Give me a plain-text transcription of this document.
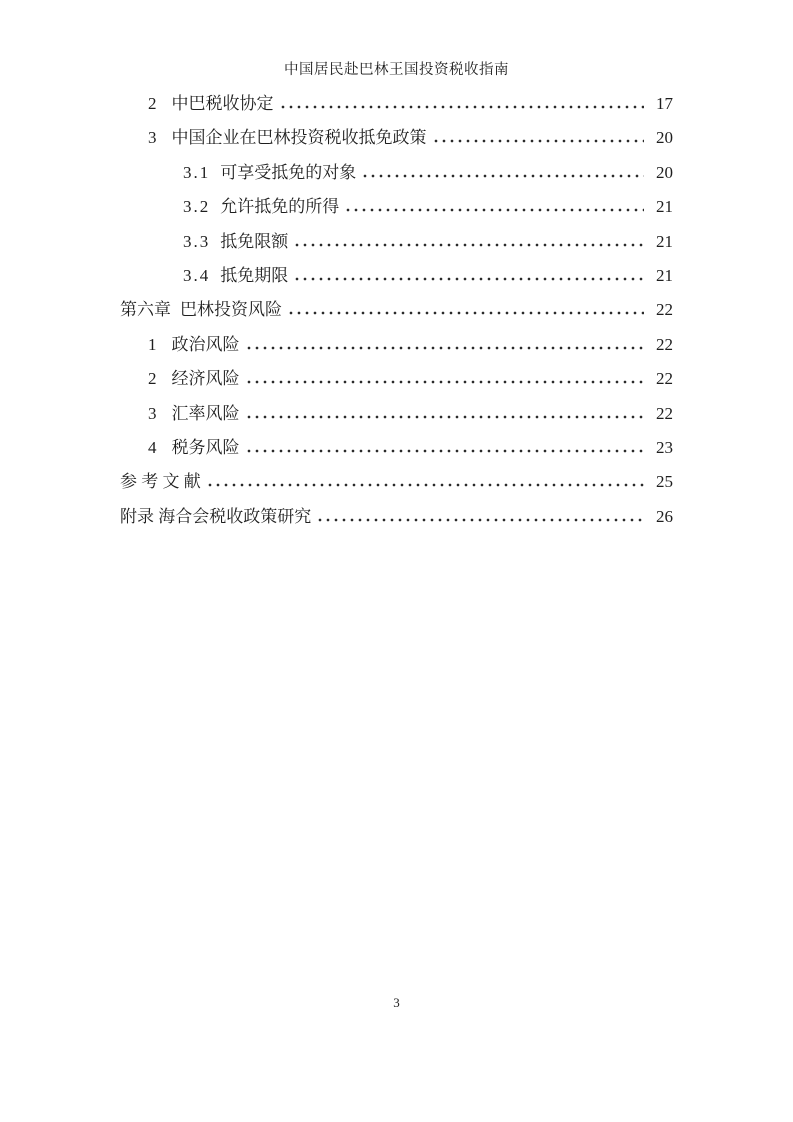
中国居民赴巴林王国投资税收指南
2 中巴税收协定	17
3 中国企业在巴林投资税收抵免政策	20
3.1 可享受抵免的对象	20
3.2 允许抵免的所得	21
3.3 抵免限额	21
3.4 抵免期限	21
第六章 巴林投资风险	22
1 政治风险	22
2 经济风险	22
3 汇率风险	22
4 税务风险	23
参 考 文 献	25
附录 海合会税收政策研究	26
3
